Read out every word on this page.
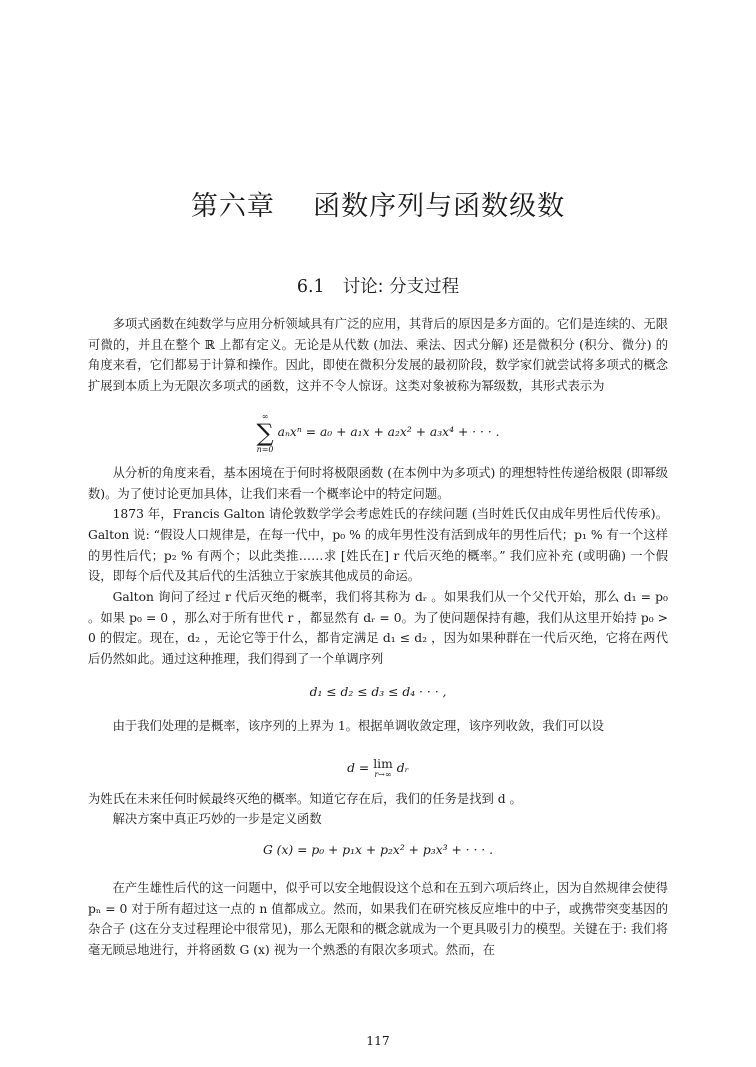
第六章    函数序列与函数级数
6.1 讨论: 分支过程

多项式函数在纯数学与应用分析领域具有广泛的应用，其背后的原因是多方面的。它们是连续的、无限可微的，并且在整个 ℝ 上都有定义。无论是从代数 (加法、乘法、因式分解) 还是微积分 (积分、微分) 的角度来看，它们都易于计算和操作。因此，即使在微积分发展的最初阶段，数学家们就尝试将多项式的概念扩展到本质上为无限次多项式的函数，这并不令人惊讶。这类对象被称为幂级数，其形式表示为

∞
∑
n=0
aₙxⁿ = a₀ + a₁x + a₂x² + a₃x⁴ + · · · .

从分析的角度来看，基本困境在于何时将极限函数 (在本例中为多项式) 的理想特性传递给极限 (即幂级数)。为了使讨论更加具体，让我们来看一个概率论中的特定问题。

1873 年，Francis Galton 请伦敦数学学会考虑姓氏的存续问题 (当时姓氏仅由成年男性后代传承)。Galton 说: “假设人口规律是，在每一代中，p₀ % 的成年男性没有活到成年的男性后代；p₁ % 有一个这样的男性后代；p₂ % 有两个；以此类推……求 [姓氏在] r 代后灭绝的概率。” 我们应补充 (或明确) 一个假设，即每个后代及其后代的生活独立于家族其他成员的命运。

Galton 询问了经过 r 代后灭绝的概率，我们将其称为 dᵣ 。如果我们从一个父代开始，那么 d₁ = p₀ 。如果 p₀ = 0 ，那么对于所有世代 r ，都显然有 dᵣ = 0。为了使问题保持有趣，我们从这里开始持 p₀ > 0 的假定。现在，d₂ ，无论它等于什么，都肯定满足 d₁ ≤ d₂ ，因为如果种群在一代后灭绝，它将在两代后仍然如此。通过这种推理，我们得到了一个单调序列

d₁ ≤ d₂ ≤ d₃ ≤ d₄ · · · ,

由于我们处理的是概率，该序列的上界为 1。根据单调收敛定理，该序列收敛，我们可以设

d = lim
r→∞ dᵣ

为姓氏在未来任何时候最终灭绝的概率。知道它存在后，我们的任务是找到 d 。

解决方案中真正巧妙的一步是定义函数

G (x) = p₀ + p₁x + p₂x² + p₃x³ + · · · .

在产生雄性后代的这一问题中，似乎可以安全地假设这个总和在五到六项后终止，因为自然规律会使得 pₙ = 0 对于所有超过这一点的 n 值都成立。然而，如果我们在研究核反应堆中的中子，或携带突变基因的杂合子 (这在分支过程理论中很常见)，那么无限和的概念就成为一个更具吸引力的模型。关键在于: 我们将毫无顾忌地进行，并将函数 G (x) 视为一个熟悉的有限次多项式。然而，在

117
